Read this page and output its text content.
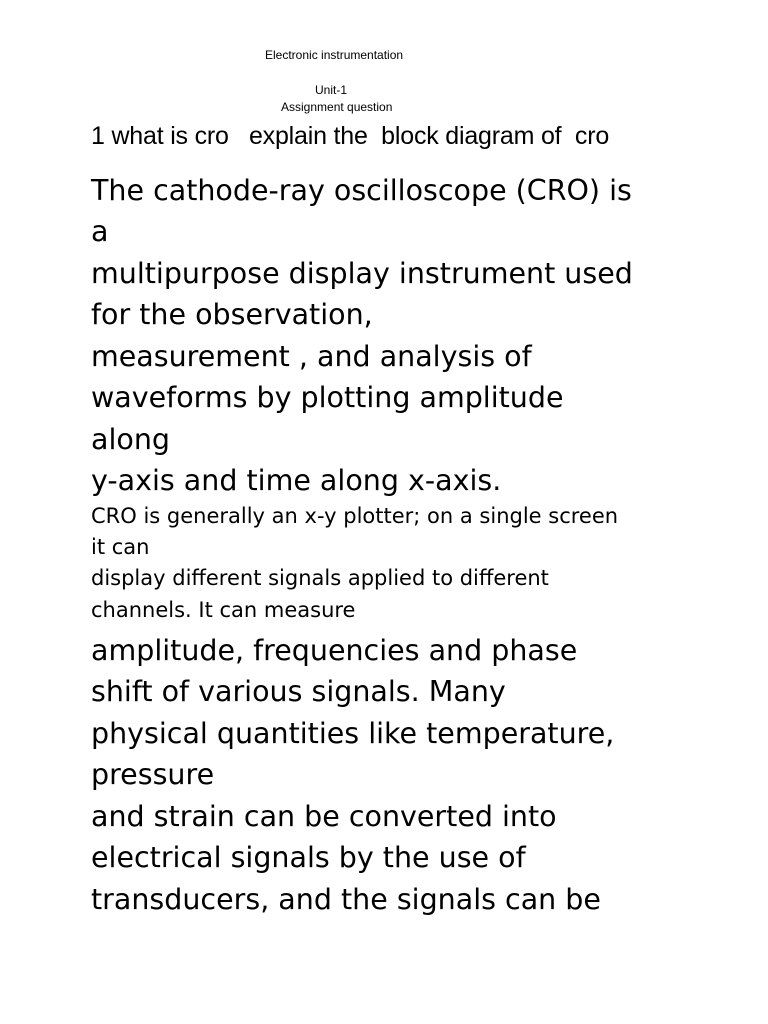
Electronic instrumentation
Unit-1
Assignment question
1 what is cro   explain the  block diagram of  cro
The cathode-ray oscilloscope (CRO) is
a
multipurpose display instrument used
for the observation,
measurement , and analysis of
waveforms by plotting amplitude
along
y-axis and time along x-axis.
CRO is generally an x-y plotter; on a single screen
it can
display different signals applied to different
channels. It can measure
amplitude, frequencies and phase
shift of various signals. Many
physical quantities like temperature,
pressure
and strain can be converted into
electrical signals by the use of
transducers, and the signals can be
